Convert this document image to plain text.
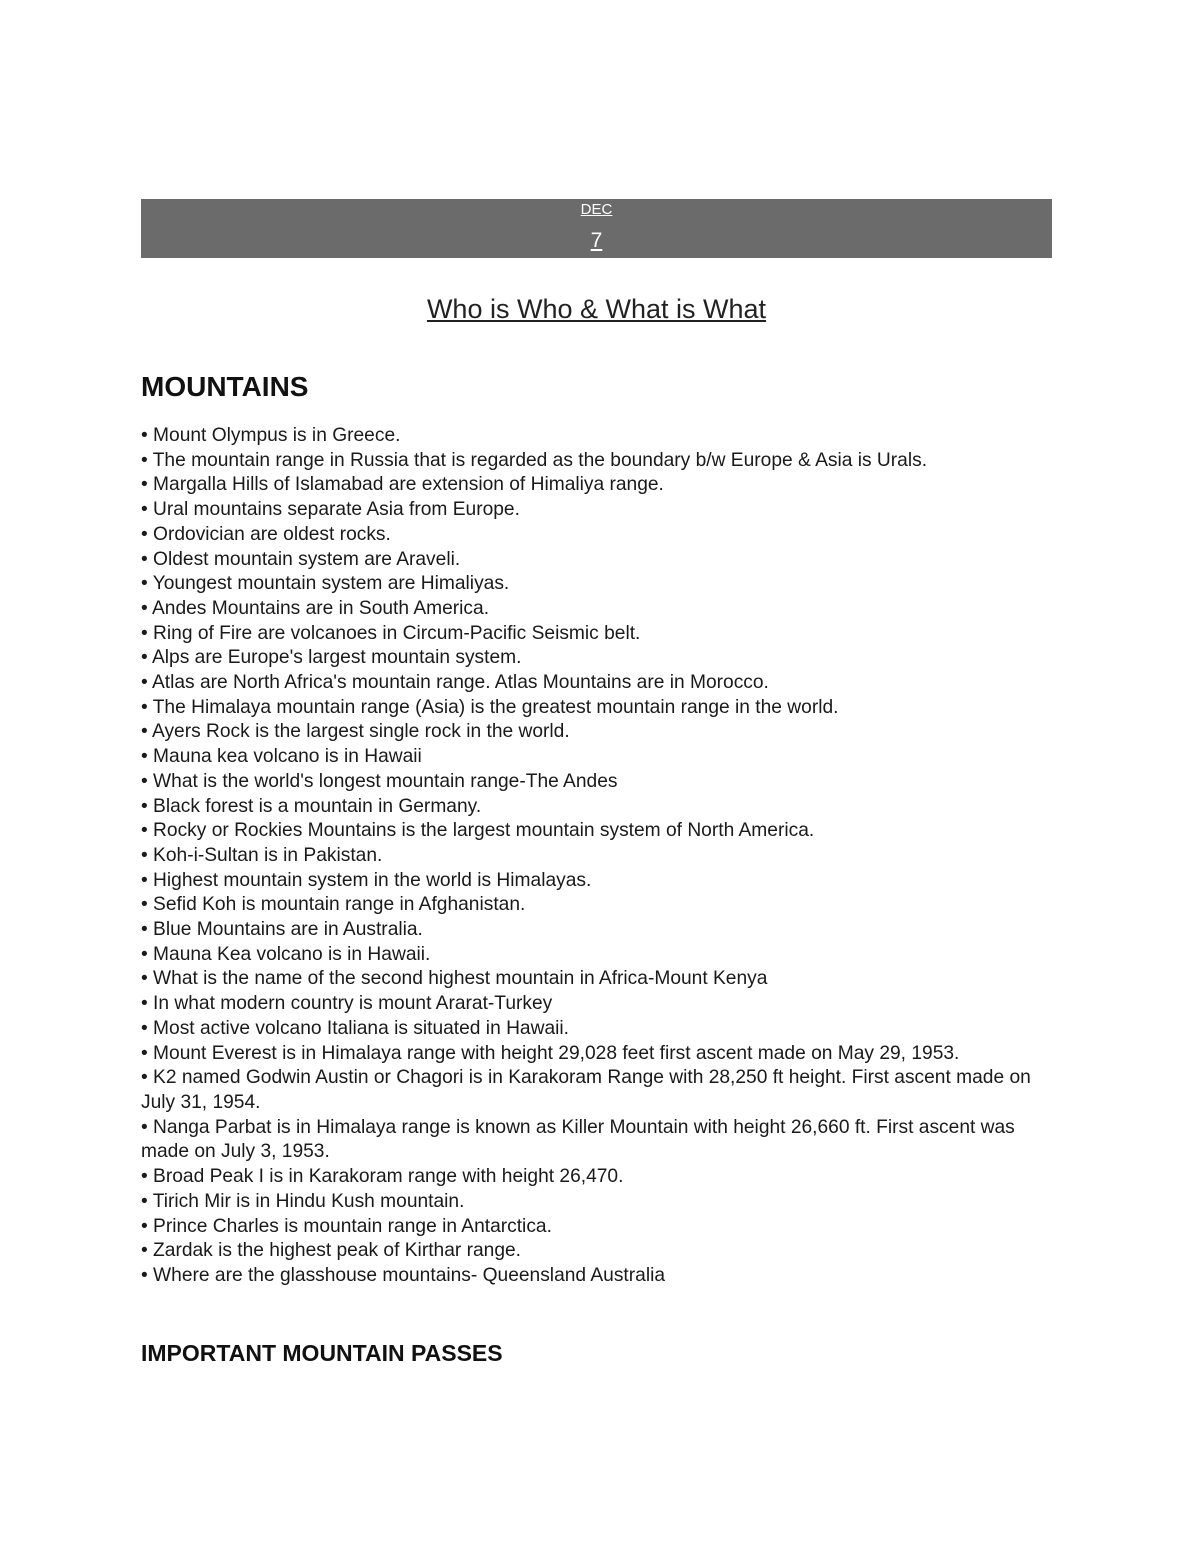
DEC
7
Who is Who & What is What
MOUNTAINS
• Mount Olympus is in Greece.
• The mountain range in Russia that is regarded as the boundary b/w Europe & Asia is Urals.
• Margalla Hills of Islamabad are extension of Himaliya range.
• Ural mountains separate Asia from Europe.
• Ordovician are oldest rocks.
• Oldest mountain system are Araveli.
• Youngest mountain system are Himaliyas.
• Andes Mountains are in South America.
• Ring of Fire are volcanoes in Circum-Pacific Seismic belt.
• Alps are Europe's largest mountain system.
• Atlas are North Africa's mountain range. Atlas Mountains are in Morocco.
• The Himalaya mountain range (Asia) is the greatest mountain range in the world.
• Ayers Rock is the largest single rock in the world.
• Mauna kea volcano is in Hawaii
• What is the world's longest mountain range-The Andes
• Black forest is a mountain in Germany.
• Rocky or Rockies Mountains is the largest mountain system of North America.
• Koh-i-Sultan is in Pakistan.
• Highest mountain system in the world is Himalayas.
• Sefid Koh is mountain range in Afghanistan.
• Blue Mountains are in Australia.
• Mauna Kea volcano is in Hawaii.
• What is the name of the second highest mountain in Africa-Mount Kenya
• In what modern country is mount Ararat-Turkey
• Most active volcano Italiana is situated in Hawaii.
• Mount Everest is in Himalaya range with height 29,028 feet first ascent made on May 29, 1953.
• K2 named Godwin Austin or Chagori is in Karakoram Range with 28,250 ft height. First ascent made on July 31, 1954.
• Nanga Parbat is in Himalaya range is known as Killer Mountain with height 26,660 ft. First ascent was made on July 3, 1953.
• Broad Peak I is in Karakoram range with height 26,470.
• Tirich Mir is in Hindu Kush mountain.
• Prince Charles is mountain range in Antarctica.
• Zardak is the highest peak of Kirthar range.
• Where are the glasshouse mountains- Queensland Australia
IMPORTANT MOUNTAIN PASSES
